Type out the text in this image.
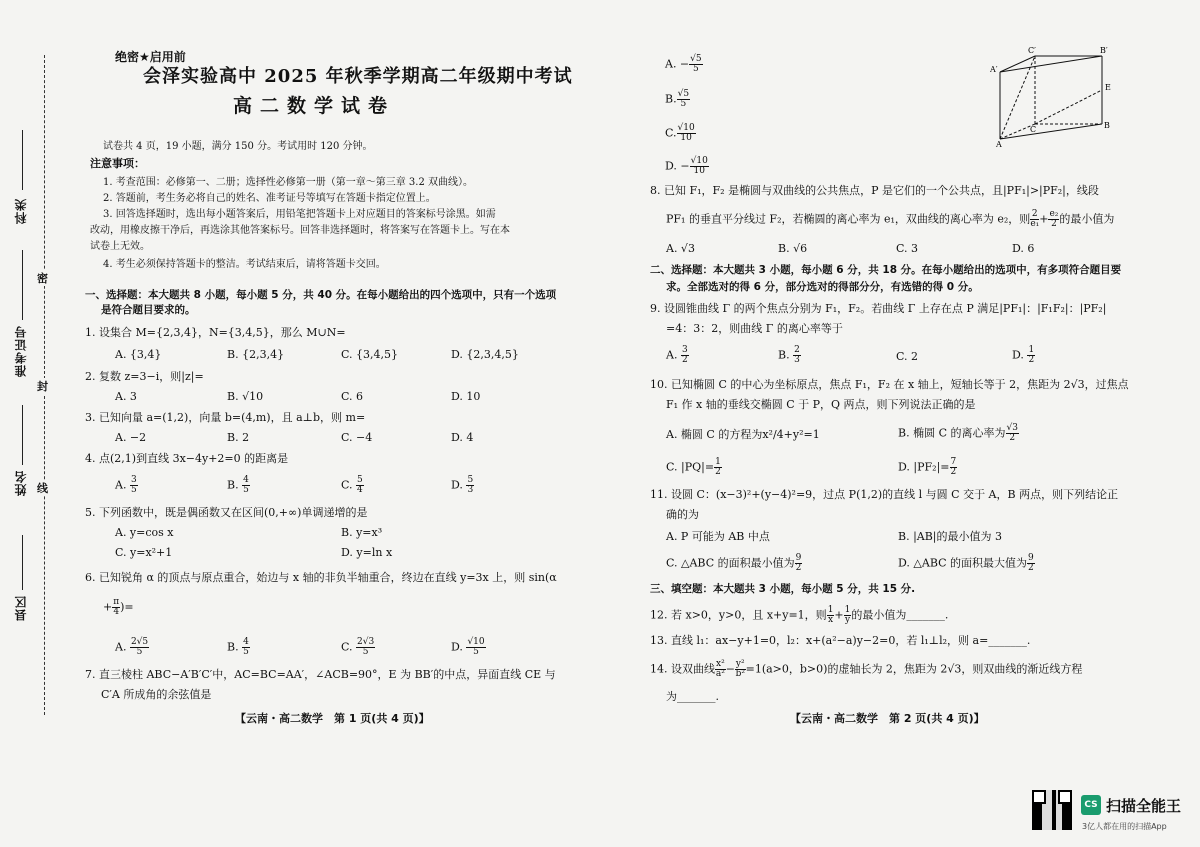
密
封
线
科类
准考证号
姓名
县区
绝密★启用前
会泽实验高中 2025 年秋季学期高二年级期中考试
高二数学试卷
试卷共 4 页，19 小题，满分 150 分。考试用时 120 分钟。
注意事项：
1. 考查范围：必修第一、二册；选择性必修第一册（第一章～第三章 3.2 双曲线）。
2. 答题前，考生务必将自己的姓名、准考证号等填写在答题卡指定位置上。
3. 回答选择题时，选出每小题答案后，用铅笔把答题卡上对应题目的答案标号涂黑。如需
改动，用橡皮擦干净后，再选涂其他答案标号。回答非选择题时，将答案写在答题卡上。写在本
试卷上无效。
4. 考生必须保持答题卡的整洁。考试结束后，请将答题卡交回。
一、选择题：本大题共 8 小题，每小题 5 分，共 40 分。在每小题给出的四个选项中，只有一个选项
是符合题目要求的。
1. 设集合 M={2,3,4}，N={3,4,5}，那么 M∪N=
A. {3,4}	B. {2,3,4}	C. {3,4,5}	D. {2,3,4,5}
2. 复数 z=3−i，则|z|=
A. 3	B. √10	C. 6	D. 10
3. 已知向量 a=(1,2)，向量 b=(4,m)，且 a⊥b，则 m=
A. −2	B. 2	C. −4	D. 4
4. 点(2,1)到直线 3x−4y+2=0 的距离是
A. $\frac{3}{5}$	B. $\frac{4}{5}$	C. $\frac{5}{4}$	D. $\frac{5}{3}$
5. 下列函数中，既是偶函数又在区间(0,+∞)单调递增的是
A. y=cos x	B. y=x³
C. y=x²+1	D. y=ln x
6. 已知锐角 α 的顶点与原点重合，始边与 x 轴的非负半轴重合，终边在直线 y=3x 上，则 sin(α
+ $\frac{\pi}{4}$ )=
A. $\frac{2√5}{5}$	B. $\frac{4}{5}$	C. $\frac{2√3}{5}$	D. $\frac{√10}{5}$
7. 直三棱柱 ABC−A′B′C′中，AC=BC=AA′，∠ACB=90°，E 为 BB′的中点，异面直线 CE 与
C′A 所成角的余弦值是
【云南・高二数学　第 1 页(共 4 页)】
A. − $\frac{√5}{5}$
B. $\frac{√5}{5}$
C. $\frac{√10}{10}$
D. − $\frac{√10}{10}$
C′	B′
A′
E
C	B
A
8. 已知 F₁，F₂ 是椭圆与双曲线的公共焦点，P 是它们的一个公共点，且|PF₁|>|PF₂|，线段
PF₁ 的垂直平分线过 F₂，若椭圆的离心率为 e₁，双曲线的离心率为 e₂，则 $\frac{2}{\text{e₁}} + \frac{\text{e₂}}{2}$ 的最小值为
A. √3	B. √6	C. 3	D. 6
二、选择题：本大题共 3 小题，每小题 6 分，共 18 分。在每小题给出的选项中，有多项符合题目要
求。全部选对的得 6 分，部分选对的得部分分，有选错的得 0 分。
9. 设圆锥曲线 Γ 的两个焦点分别为 F₁，F₂。若曲线 Γ 上存在点 P 满足|PF₁|：|F₁F₂|：|PF₂|
=4：3：2，则曲线 Γ 的离心率等于
A. $\frac{3}{2}$	B. $\frac{2}{3}$	C. 2	D. $\frac{1}{2}$
10. 已知椭圆 C 的中心为坐标原点，焦点 F₁，F₂ 在 x 轴上，短轴长等于 2，焦距为 2√3，过焦点
F₁ 作 x 轴的垂线交椭圆 C 于 P，Q 两点，则下列说法正确的是
A. 椭圆 C 的方程为x²/4+y²=1	B. 椭圆 C 的离心率为 $\frac{√3}{2}$
C. $|PQ|= \frac{1}{2}$	D. $|PF_2|= \frac{7}{2}$
11. 设圆 C：(x−3)²+(y−4)²=9，过点 P(1,2)的直线 l 与圆 C 交于 A，B 两点，则下列结论正
确的为
A. P 可能为 AB 中点	B. |AB|的最小值为 3
C. △ABC 的面积最小值为 $\frac{9}{2}$	D. △ABC 的面积最大值为 $\frac{9}{2}$
三、填空题：本大题共 3 小题，每小题 5 分，共 15 分.
12. 若 x>0，y>0，且 x+y=1，则 $\frac{1}{x} + \frac{1}{y}$ 的最小值为_______.
13. 直线 l₁：ax−y+1=0，l₂：x+(a²−a)y−2=0，若 l₁⊥l₂，则 a=_______.
14. 设双曲线 $\frac{\text{x²}}{\text{a²}} - \frac{\text{y²}}{\text{b²}} =1(a>0$，b>0)的虚轴长为 2，焦距为 2√3，则双曲线的渐近线方程
为_______.
【云南・高二数学　第 2 页(共 4 页)】
CS 扫描全能王
3亿人都在用的扫描App
